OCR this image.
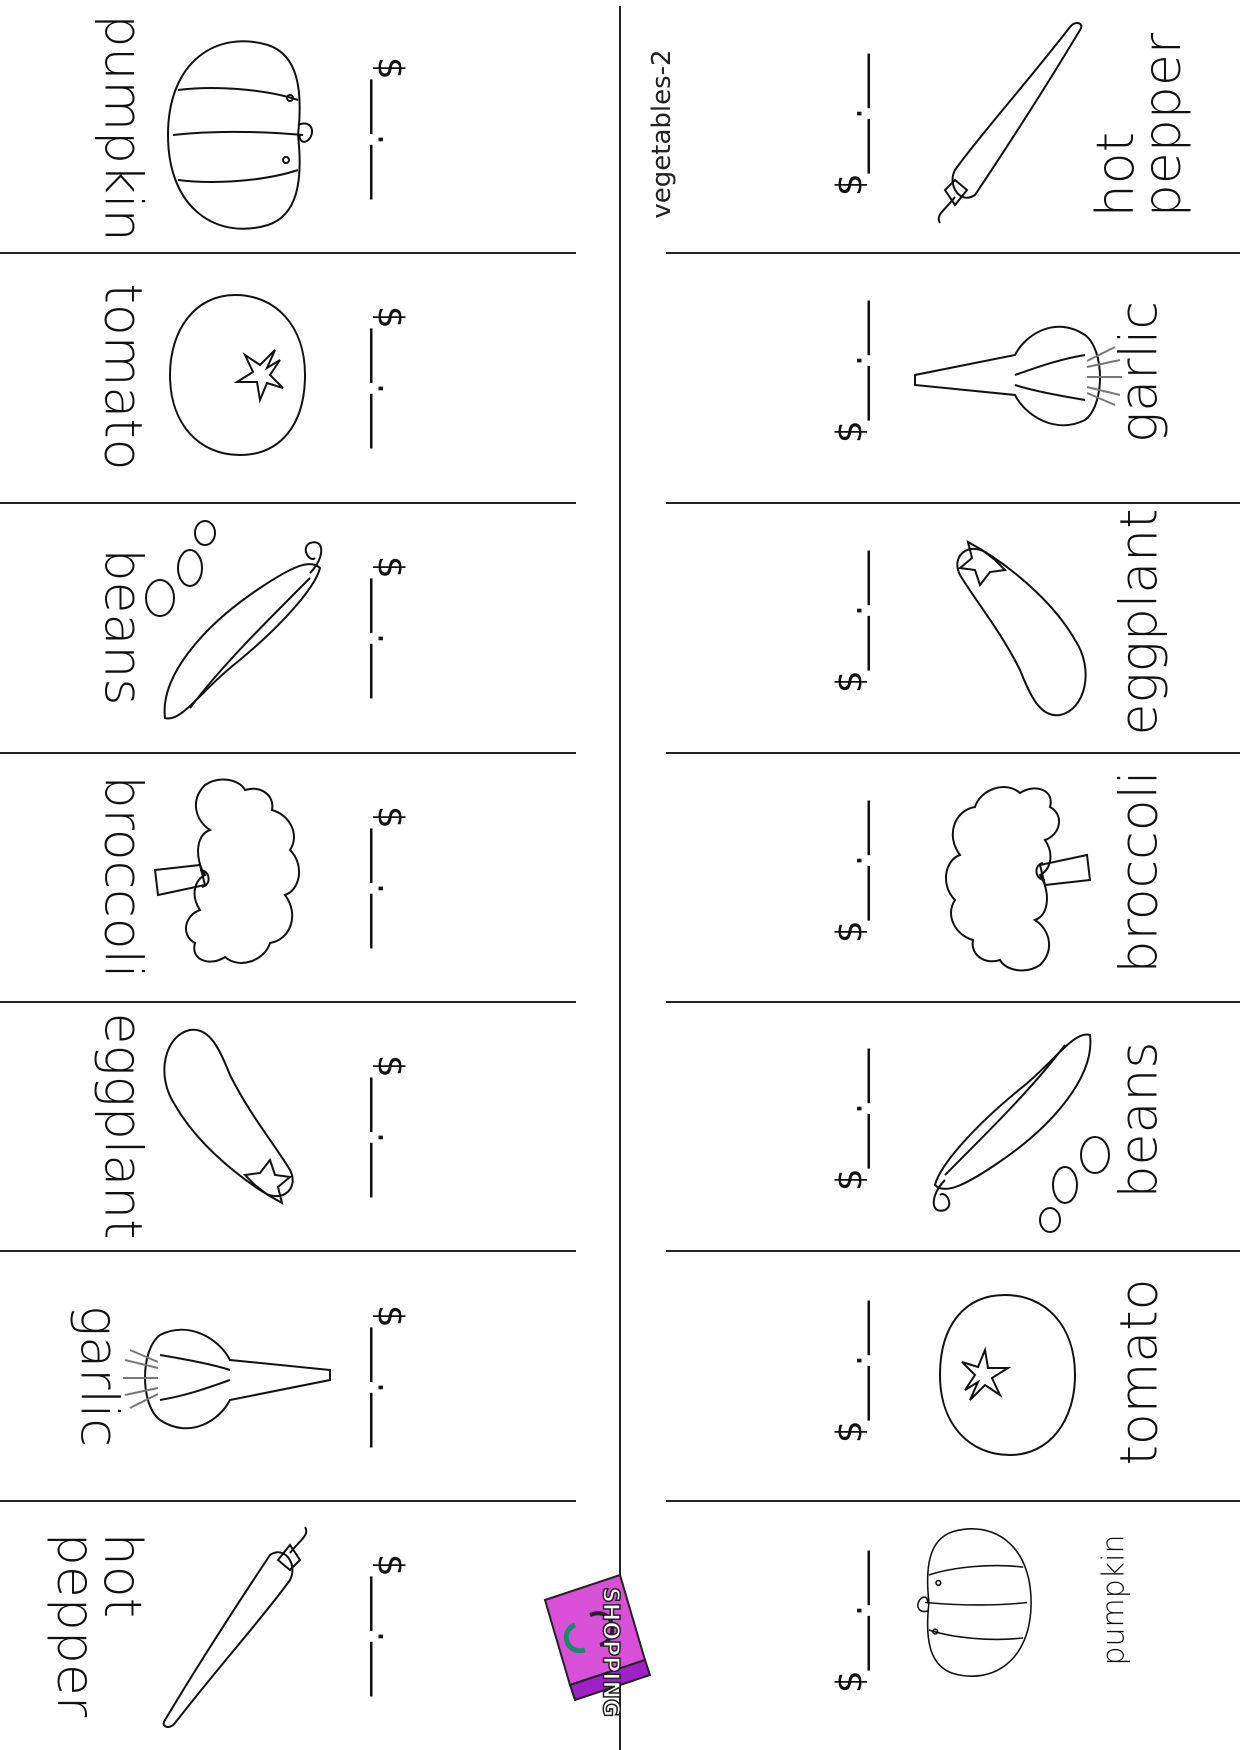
vegetables-2
pumpkin	$___.___
tomato	$___.___
beans	$___.___
broccoli	$___.___
eggplant	$___.___
garlic	$___.___
hot
pepper	$___.___	SHOPPING
hot
pepper
$___.___
garlic
$___.___
eggplant
$___.___
broccoli
$___.___
beans
$___.___
tomato
$___.___
pumpkin
$___.___
